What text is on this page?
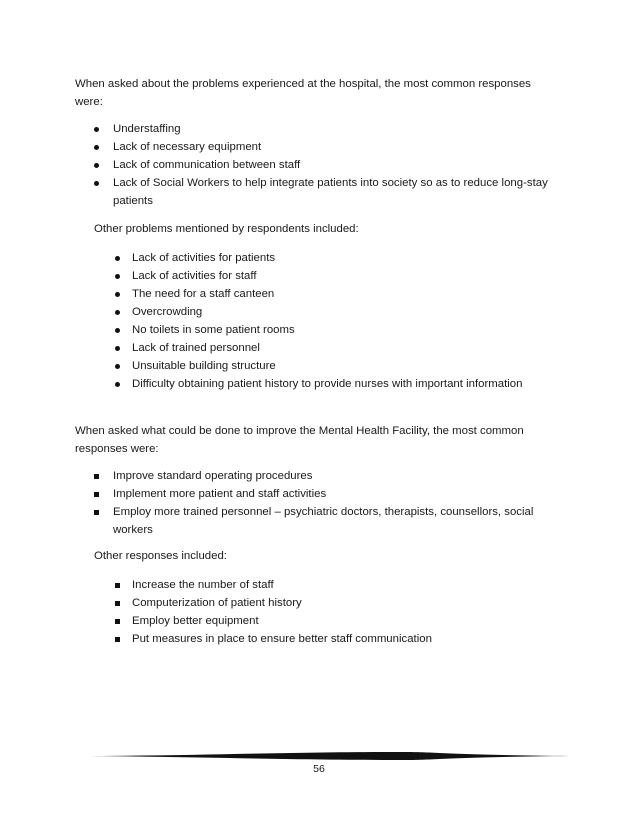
When asked about the problems experienced at the hospital, the most common responses were:

Understaffing
Lack of necessary equipment
Lack of communication between staff
Lack of Social Workers to help integrate patients into society so as to reduce long-stay patients

Other problems mentioned by respondents included:

Lack of activities for patients
Lack of activities for staff
The need for a staff canteen
Overcrowding
No toilets in some patient rooms
Lack of trained personnel
Unsuitable building structure
Difficulty obtaining patient history to provide nurses with important information

When asked what could be done to improve the Mental Health Facility, the most common responses were:

Improve standard operating procedures
Implement more patient and staff activities
Employ more trained personnel – psychiatric doctors, therapists, counsellors, social workers

Other responses included:

Increase the number of staff
Computerization of patient history
Employ better equipment
Put measures in place to ensure better staff communication
56
